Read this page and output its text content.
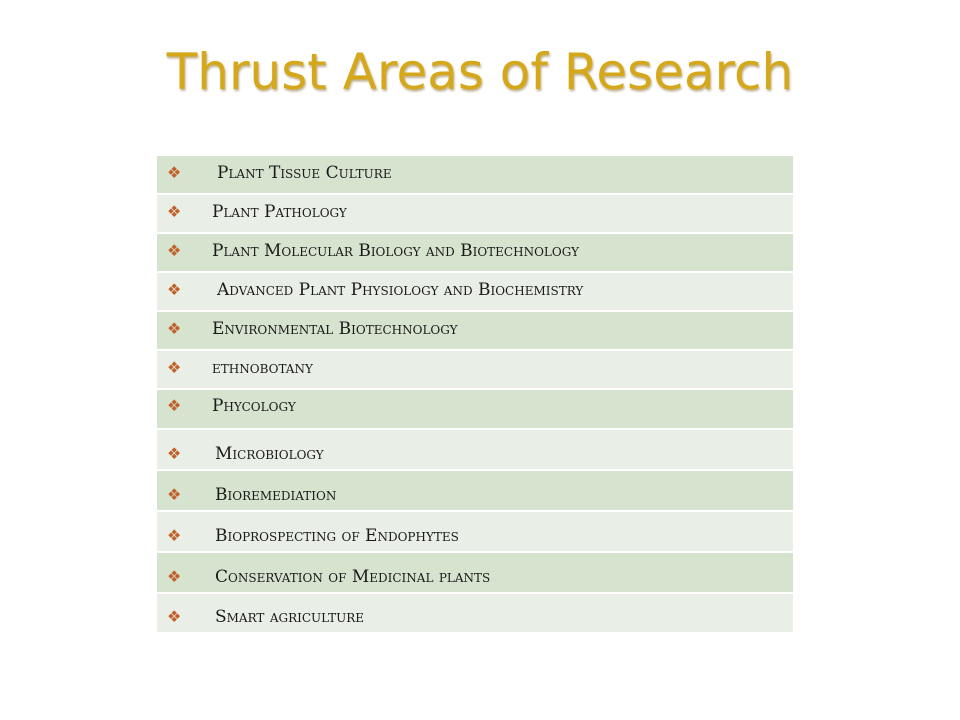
Thrust Areas of Research
❖	Plant Tissue Culture
❖	Plant Pathology
❖	Plant Molecular Biology and Biotechnology
❖	Advanced Plant Physiology and Biochemistry
❖	Environmental Biotechnology
❖	ethnobotany
❖	Phycology
❖	Microbiology
❖	Bioremediation
❖	Bioprospecting of Endophytes
❖	Conservation of Medicinal plants
❖	Smart agriculture
